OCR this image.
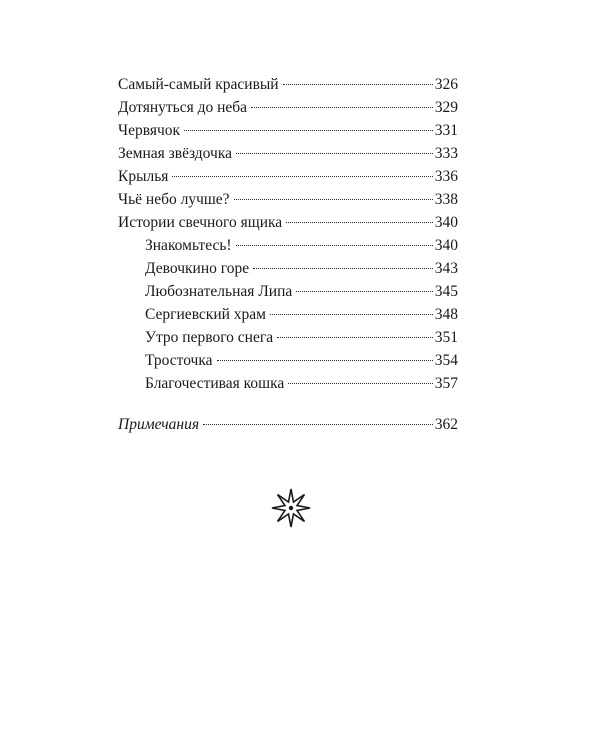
Самый-самый красивый	326
Дотянуться до неба	329
Червячок	331
Земная звёздочка	333
Крылья	336
Чьё небо лучше?	338
Истории свечного ящика	340
Знакомьтесь!	340
Девочкино горе	343
Любознательная Липа	345
Сергиевский храм	348
Утро первого снега	351
Тросточка	354
Благочестивая кошка	357
Примечания	362
